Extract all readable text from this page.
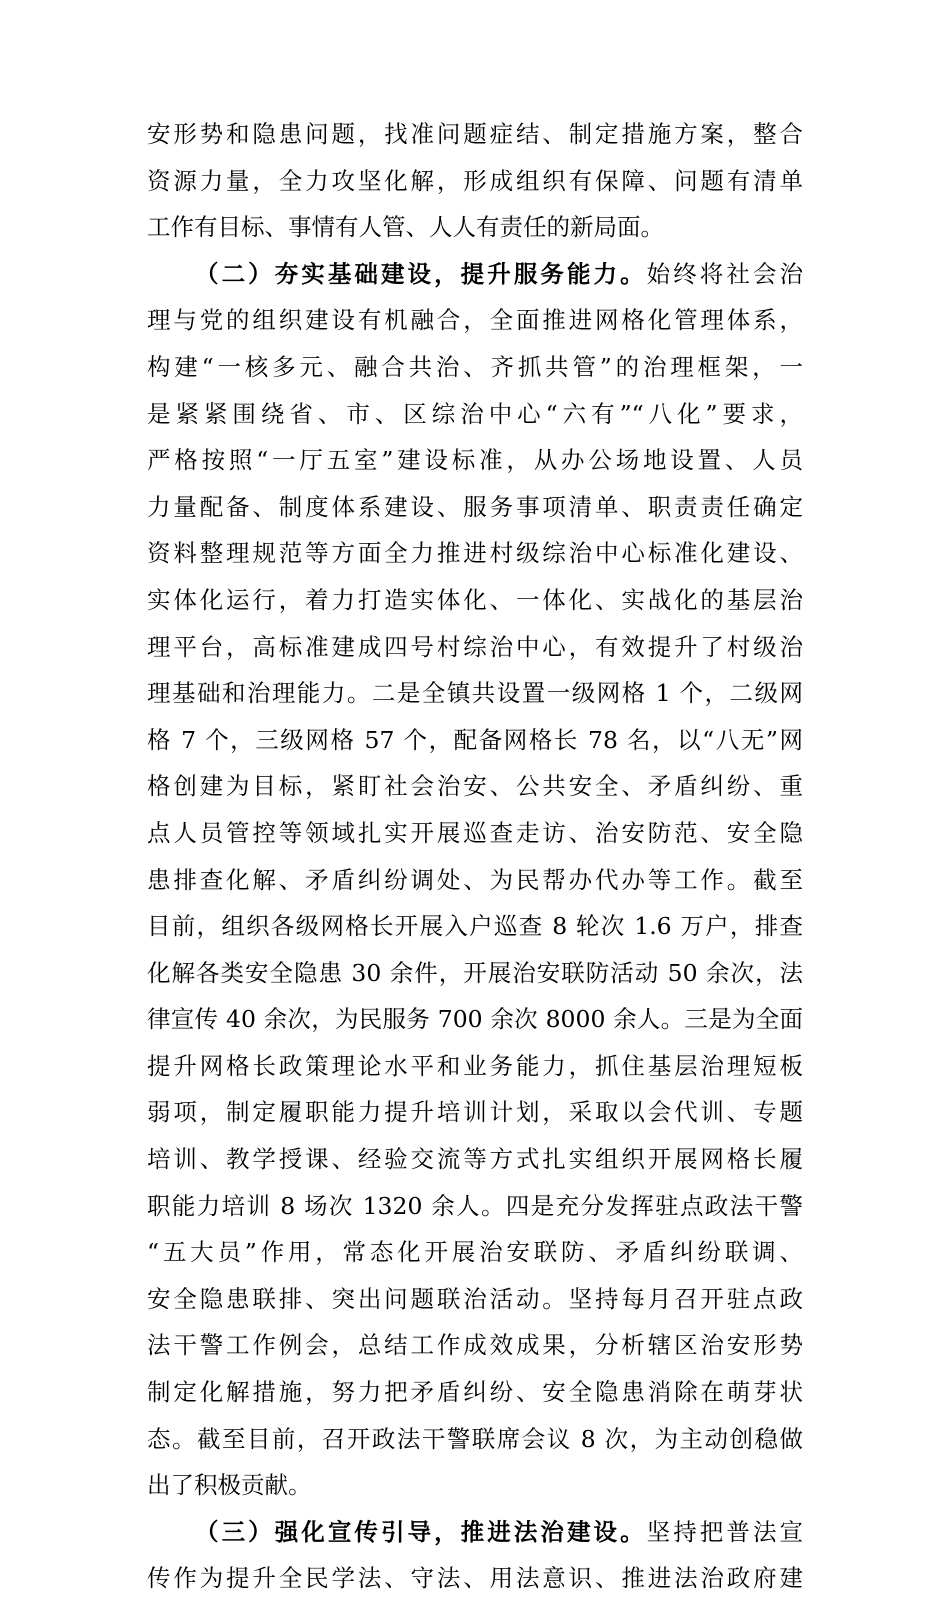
安形势和隐患问题，找准问题症结、制定措施方案，整合
资源力量，全力攻坚化解，形成组织有保障、问题有清单
工作有目标、事情有人管、人人有责任的新局面。
（二）夯实基础建设，提升服务能力。始终将社会治
理与党的组织建设有机融合，全面推进网格化管理体系，
构建“一核多元、融合共治、齐抓共管”的治理框架，一
是紧紧围绕省、市、区综治中心“六有”“八化”要求，
严格按照“一厅五室”建设标准，从办公场地设置、人员
力量配备、制度体系建设、服务事项清单、职责责任确定
资料整理规范等方面全力推进村级综治中心标准化建设、
实体化运行，着力打造实体化、一体化、实战化的基层治
理平台，高标准建成四号村综治中心，有效提升了村级治
理基础和治理能力。二是全镇共设置一级网格 1 个，二级网
格 7 个，三级网格 57 个，配备网格长 78 名，以“八无”网
格创建为目标，紧盯社会治安、公共安全、矛盾纠纷、重
点人员管控等领域扎实开展巡查走访、治安防范、安全隐
患排查化解、矛盾纠纷调处、为民帮办代办等工作。截至
目前，组织各级网格长开展入户巡查 8 轮次 1.6 万户，排查
化解各类安全隐患 30 余件，开展治安联防活动 50 余次，法
律宣传 40 余次，为民服务 700 余次 8000 余人。三是为全面
提升网格长政策理论水平和业务能力，抓住基层治理短板
弱项，制定履职能力提升培训计划，采取以会代训、专题
培训、教学授课、经验交流等方式扎实组织开展网格长履
职能力培训 8 场次 1320 余人。四是充分发挥驻点政法干警
“五大员”作用，常态化开展治安联防、矛盾纠纷联调、
安全隐患联排、突出问题联治活动。坚持每月召开驻点政
法干警工作例会，总结工作成效成果，分析辖区治安形势
制定化解措施，努力把矛盾纠纷、安全隐患消除在萌芽状
态。截至目前，召开政法干警联席会议 8 次，为主动创稳做
出了积极贡献。
（三）强化宣传引导，推进法治建设。坚持把普法宣
传作为提升全民学法、守法、用法意识、推进法治政府建
